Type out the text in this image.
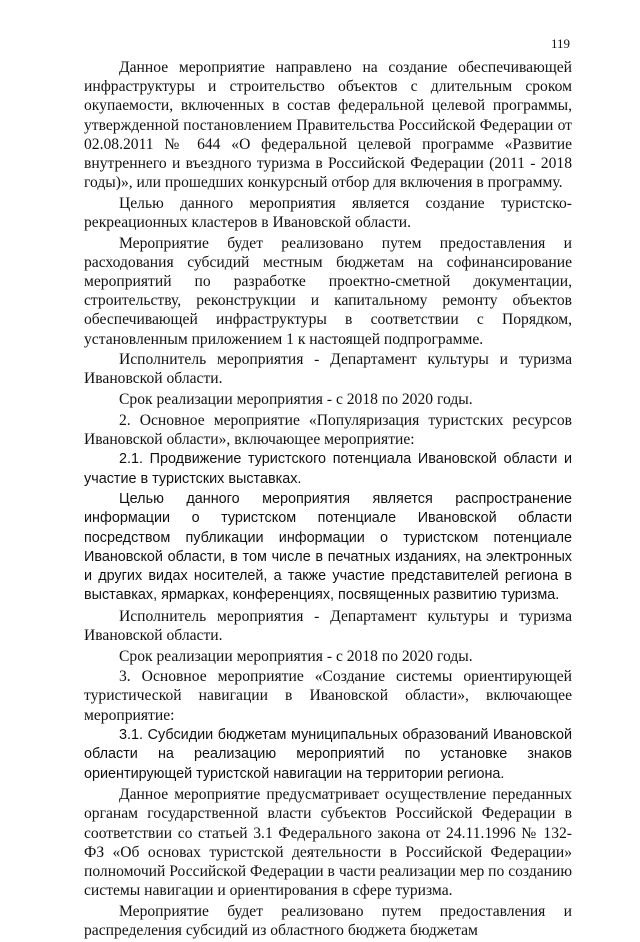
119

Данное мероприятие направлено на создание обеспечивающей инфраструктуры и строительство объектов с длительным сроком окупаемости, включенных в состав федеральной целевой программы, утвержденной постановлением Правительства Российской Федерации от 02.08.2011 № 644 «О федеральной целевой программе «Развитие внутреннего и въездного туризма в Российской Федерации (2011 - 2018 годы)», или прошедших конкурсный отбор для включения в программу.

Целью данного мероприятия является создание туристско-рекреационных кластеров в Ивановской области.

Мероприятие будет реализовано путем предоставления и расходования субсидий местным бюджетам на софинансирование мероприятий по разработке проектно-сметной документации, строительству, реконструкции и капитальному ремонту объектов обеспечивающей инфраструктуры в соответствии с Порядком, установленным приложением 1 к настоящей подпрограмме.

Исполнитель мероприятия - Департамент культуры и туризма Ивановской области.

Срок реализации мероприятия - с 2018 по 2020 годы.

2. Основное мероприятие «Популяризация туристских ресурсов Ивановской области», включающее мероприятие:

2.1. Продвижение туристского потенциала Ивановской области и участие в туристских выставках.

Целью данного мероприятия является распространение информации о туристском потенциале Ивановской области посредством публикации информации о туристском потенциале Ивановской области, в том числе в печатных изданиях, на электронных и других видах носителей, а также участие представителей региона в выставках, ярмарках, конференциях, посвященных развитию туризма.

Исполнитель мероприятия - Департамент культуры и туризма Ивановской области.

Срок реализации мероприятия - с 2018 по 2020 годы.

3. Основное мероприятие «Создание системы ориентирующей туристической навигации в Ивановской области», включающее мероприятие:

3.1. Субсидии бюджетам муниципальных образований Ивановской области на реализацию мероприятий по установке знаков ориентирующей туристской навигации на территории региона.

Данное мероприятие предусматривает осуществление переданных органам государственной власти субъектов Российской Федерации в соответствии со статьей 3.1 Федерального закона от 24.11.1996 № 132-ФЗ «Об основах туристской деятельности в Российской Федерации» полномочий Российской Федерации в части реализации мер по созданию системы навигации и ориентирования в сфере туризма.

Мероприятие будет реализовано путем предоставления и распределения субсидий из областного бюджета бюджетам
